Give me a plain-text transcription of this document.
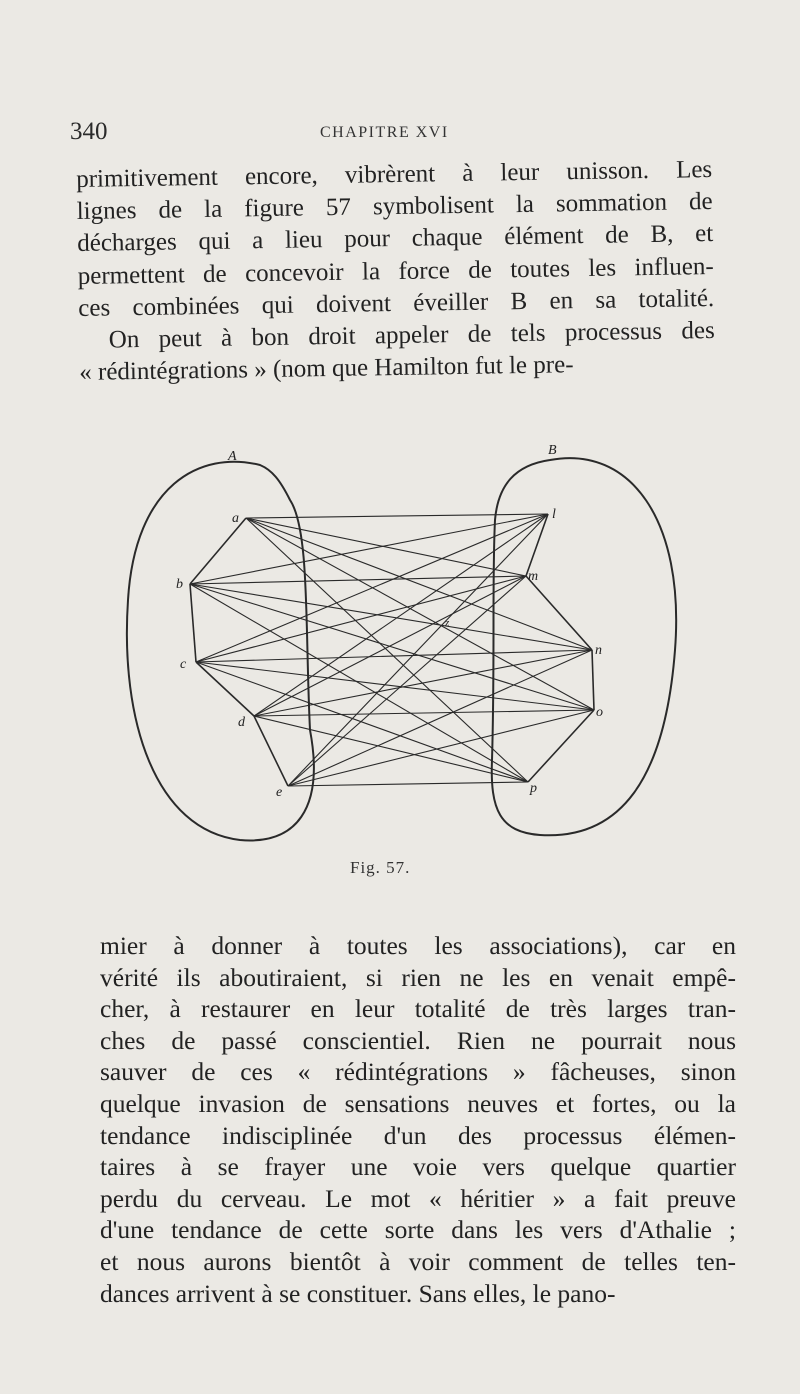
340	CHAPITRE XVI
primitivement encore, vibrèrent à leur unisson. Les
lignes de la figure 57 symbolisent la sommation de
décharges qui a lieu pour chaque élément de B, et
permettent de concevoir la force de toutes les influen-
ces combinées qui doivent éveiller B en sa totalité.
On peut à bon droit appeler de tels processus des
« rédintégrations » (nom que Hamilton fut le pre-
A	B
a
b
c
d
e
l
m
n
o
p
z
Fig. 57.
mier à donner à toutes les associations), car en
vérité ils aboutiraient, si rien ne les en venait empê-
cher, à restaurer en leur totalité de très larges tran-
ches de passé conscientiel. Rien ne pourrait nous
sauver de ces « rédintégrations » fâcheuses, sinon
quelque invasion de sensations neuves et fortes, ou la
tendance indisciplinée d'un des processus élémen-
taires à se frayer une voie vers quelque quartier
perdu du cerveau. Le mot « héritier » a fait preuve
d'une tendance de cette sorte dans les vers d'Athalie ;
et nous aurons bientôt à voir comment de telles ten-
dances arrivent à se constituer. Sans elles, le pano-
